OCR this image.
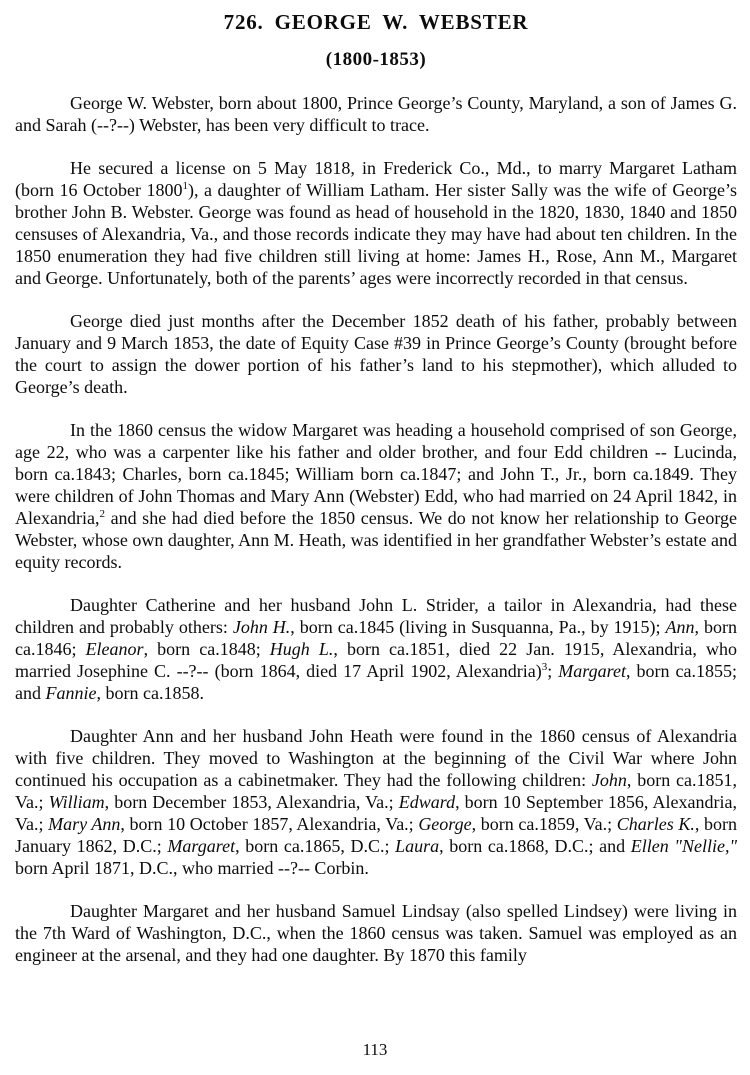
726. GEORGE W. WEBSTER
(1800-1853)

George W. Webster, born about 1800, Prince George’s County, Maryland, a son of James G. and Sarah (--?--) Webster, has been very difficult to trace.

He secured a license on 5 May 1818, in Frederick Co., Md., to marry Margaret Latham (born 16 October 1800$^1$), a daughter of William Latham. Her sister Sally was the wife of George’s brother John B. Webster. George was found as head of household in the 1820, 1830, 1840 and 1850 censuses of Alexandria, Va., and those records indicate they may have had about ten children. In the 1850 enumeration they had five children still living at home: James H., Rose, Ann M., Margaret and George. Unfortunately, both of the parents’ ages were incorrectly recorded in that census.

George died just months after the December 1852 death of his father, probably between January and 9 March 1853, the date of Equity Case #39 in Prince George’s County (brought before the court to assign the dower portion of his father’s land to his stepmother), which alluded to George’s death.

In the 1860 census the widow Margaret was heading a household comprised of son George, age 22, who was a carpenter like his father and older brother, and four Edd children -- Lucinda, born ca.1843; Charles, born ca.1845; William born ca.1847; and John T., Jr., born ca.1849. They were children of John Thomas and Mary Ann (Webster) Edd, who had married on 24 April 1842, in Alexandria,$^2$ and she had died before the 1850 census. We do not know her relationship to George Webster, whose own daughter, Ann M. Heath, was identified in her grandfather Webster’s estate and equity records.

Daughter Catherine and her husband John L. Strider, a tailor in Alexandria, had these children and probably others: John H., born ca.1845 (living in Susquanna, Pa., by 1915); Ann, born ca.1846; Eleanor, born ca.1848; Hugh L., born ca.1851, died 22 Jan. 1915, Alexandria, who married Josephine C. --?-- (born 1864, died 17 April 1902, Alexandria)$^3$; Margaret, born ca.1855; and Fannie, born ca.1858.

Daughter Ann and her husband John Heath were found in the 1860 census of Alexandria with five children. They moved to Washington at the beginning of the Civil War where John continued his occupation as a cabinetmaker. They had the following children: John, born ca.1851, Va.; William, born December 1853, Alexandria, Va.; Edward, born 10 September 1856, Alexandria, Va.; Mary Ann, born 10 October 1857, Alexandria, Va.; George, born ca.1859, Va.; Charles K., born January 1862, D.C.; Margaret, born ca.1865, D.C.; Laura, born ca.1868, D.C.; and Ellen "Nellie," born April 1871, D.C., who married --?-- Corbin.

Daughter Margaret and her husband Samuel Lindsay (also spelled Lindsey) were living in the 7th Ward of Washington, D.C., when the 1860 census was taken. Samuel was employed as an engineer at the arsenal, and they had one daughter. By 1870 this family

113
